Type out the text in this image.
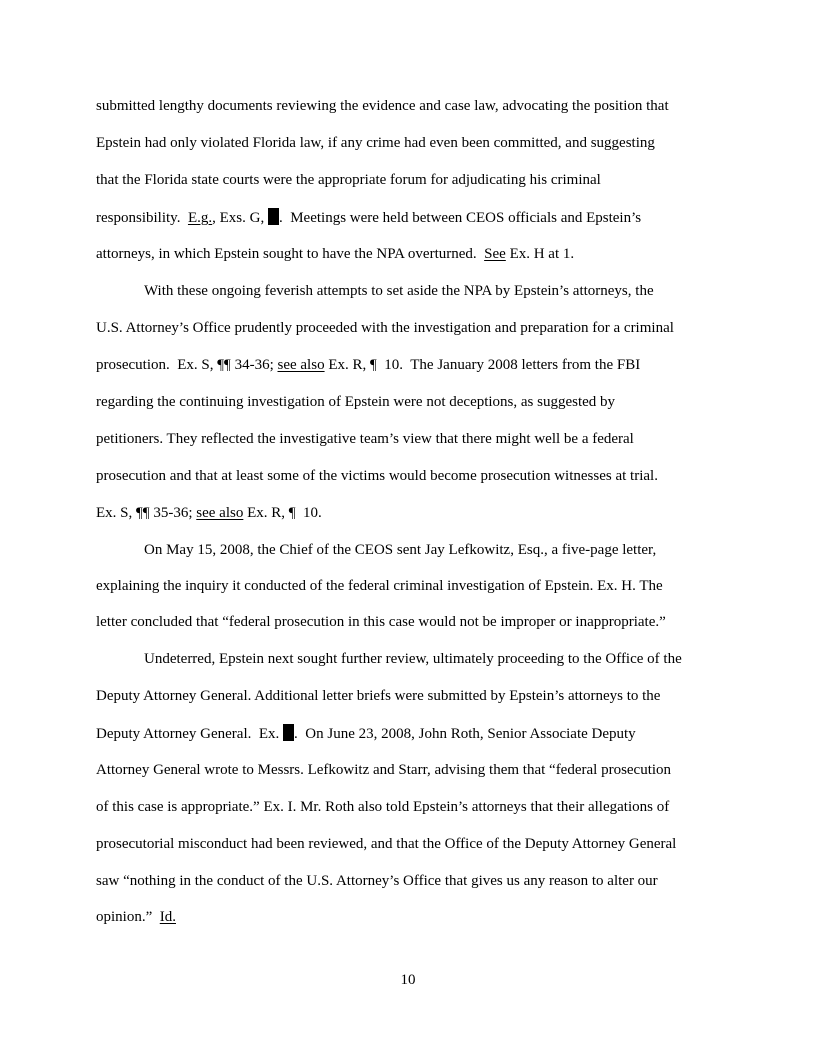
submitted lengthy documents reviewing the evidence and case law, advocating the position that
Epstein had only violated Florida law, if any crime had even been committed, and suggesting
that the Florida state courts were the appropriate forum for adjudicating his criminal
responsibility.  E.g., Exs. G, .  Meetings were held between CEOS officials and Epstein’s
attorneys, in which Epstein sought to have the NPA overturned.  See Ex. H at 1.
With these ongoing feverish attempts to set aside the NPA by Epstein’s attorneys, the
U.S. Attorney’s Office prudently proceeded with the investigation and preparation for a criminal
prosecution.  Ex. S, ¶¶ 34-36; see also Ex. R, ¶  10.  The January 2008 letters from the FBI
regarding the continuing investigation of Epstein were not deceptions, as suggested by
petitioners. They reflected the investigative team’s view that there might well be a federal
prosecution and that at least some of the victims would become prosecution witnesses at trial.
Ex. S, ¶¶ 35-36; see also Ex. R, ¶  10.
On May 15, 2008, the Chief of the CEOS sent Jay Lefkowitz, Esq., a five-page letter,
explaining the inquiry it conducted of the federal criminal investigation of Epstein. Ex. H. The
letter concluded that “federal prosecution in this case would not be improper or inappropriate.”
Undeterred, Epstein next sought further review, ultimately proceeding to the Office of the
Deputy Attorney General. Additional letter briefs were submitted by Epstein’s attorneys to the
Deputy Attorney General.  Ex. .  On June 23, 2008, John Roth, Senior Associate Deputy
Attorney General wrote to Messrs. Lefkowitz and Starr, advising them that “federal prosecution
of this case is appropriate.” Ex. I. Mr. Roth also told Epstein’s attorneys that their allegations of
prosecutorial misconduct had been reviewed, and that the Office of the Deputy Attorney General
saw “nothing in the conduct of the U.S. Attorney’s Office that gives us any reason to alter our
opinion.”  Id.
10
